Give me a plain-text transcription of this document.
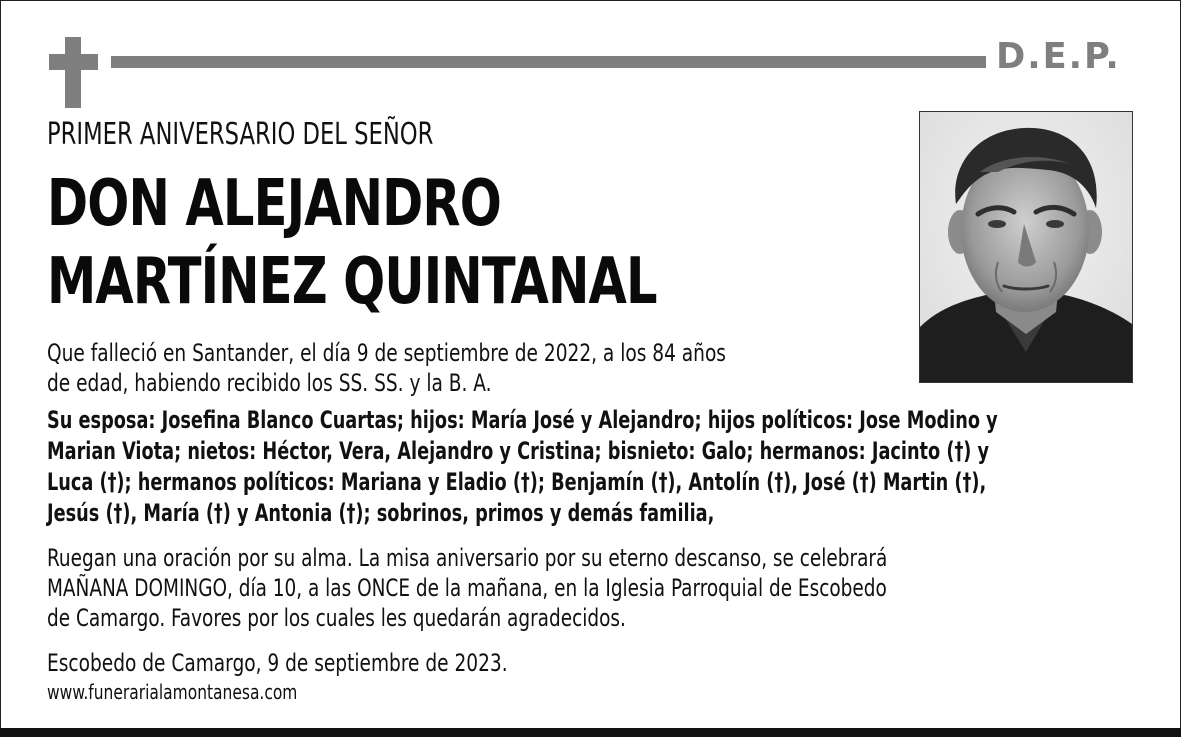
D.E.P.
PRIMER ANIVERSARIO DEL SEÑOR
DON ALEJANDRO
MARTÍNEZ QUINTANAL
Que falleció en Santander, el día 9 de septiembre de 2022, a los 84 años
de edad, habiendo recibido los SS. SS. y la B. A.
Su esposa: Josefina Blanco Cuartas; hijos: María José y Alejandro; hijos políticos: Jose Modino y
Marian Viota; nietos: Héctor, Vera, Alejandro y Cristina; bisnieto: Galo; hermanos: Jacinto (†) y
Luca (†); hermanos políticos: Mariana y Eladio (†); Benjamín (†), Antolín (†), José (†) Martin (†),
Jesús (†), María (†) y Antonia (†); sobrinos, primos y demás familia,
Ruegan una oración por su alma. La misa aniversario por su eterno descanso, se celebrará
MAÑANA DOMINGO, día 10, a las ONCE de la mañana, en la Iglesia Parroquial de Escobedo
de Camargo. Favores por los cuales les quedarán agradecidos.
Escobedo de Camargo, 9 de septiembre de 2023.
www.funerarialamontanesa.com
